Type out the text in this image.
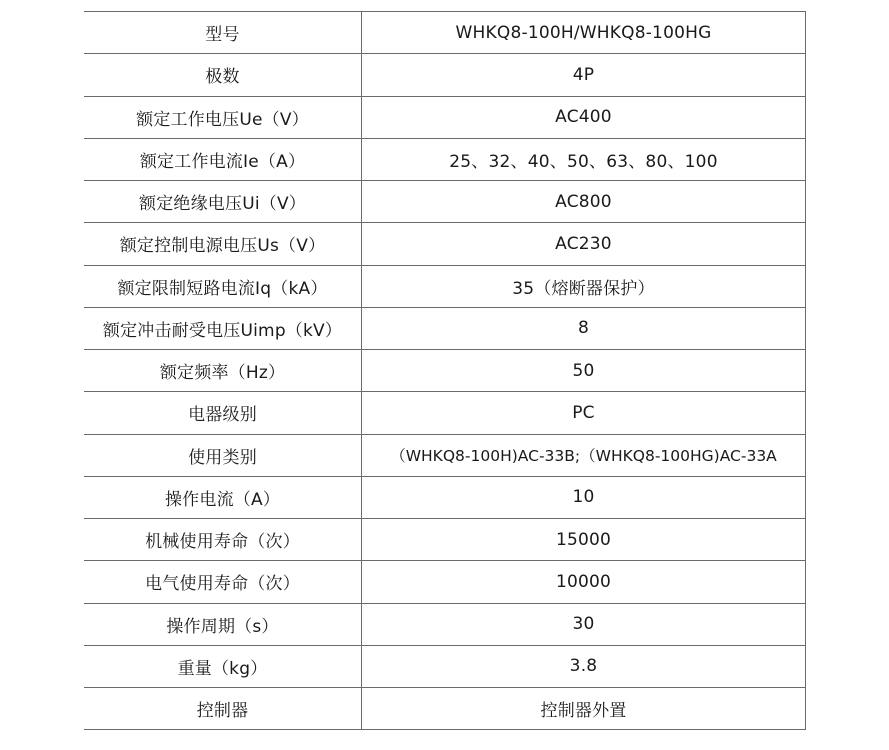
型号	WHKQ8-100H/WHKQ8-100HG
极数	4P
额定工作电压Ue（V）	AC400
额定工作电流Ie（A）	25、32、40、50、63、80、100
额定绝缘电压Ui（V）	AC800
额定控制电源电压Us（V）	AC230
额定限制短路电流Iq（kA）	35（熔断器保护）
额定冲击耐受电压Uimp（kV）	8
额定频率（Hz）	50
电器级别	PC
使用类别	（WHKQ8-100H)AC-33B;（WHKQ8-100HG)AC-33A
操作电流（A）	10
机械使用寿命（次）	15000
电气使用寿命（次）	10000
操作周期（s）	30
重量（kg）	3.8
控制器	控制器外置
